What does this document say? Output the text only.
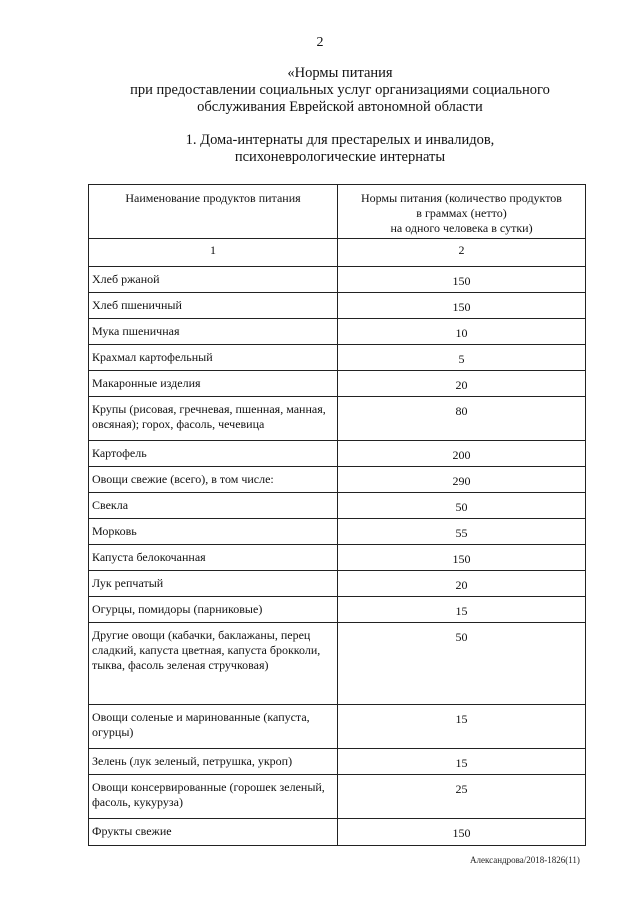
2
«Нормы питания
при предоставлении социальных услуг организациями социального
обслуживания Еврейской автономной области
1. Дома-интернаты для престарелых и инвалидов,
психоневрологические интернаты
Наименование продуктов питания	Нормы питания (количество продуктов
в граммах (нетто)
на одного человека в сутки)

1	2
Хлеб ржаной	150
Хлеб пшеничный	150
Мука пшеничная	10
Крахмал картофельный	5
Макаронные изделия	20
Крупы (рисовая, гречневая, пшенная, манная, овсяная); горох, фасоль, чечевица	80
Картофель	200
Овощи свежие (всего), в том числе:	290
Свекла	50
Морковь	55
Капуста белокочанная	150
Лук репчатый	20
Огурцы, помидоры (парниковые)	15
Другие овощи (кабачки, баклажаны, перец сладкий, капуста цветная, капуста брокколи, тыква, фасоль зеленая стручковая)	50
Овощи соленые и маринованные (капуста, огурцы)	15
Зелень (лук зеленый, петрушка, укроп)	15
Овощи консервированные (горошек зеленый, фасоль, кукуруза)	25
Фрукты свежие	150
Александрова/2018-1826(11)
